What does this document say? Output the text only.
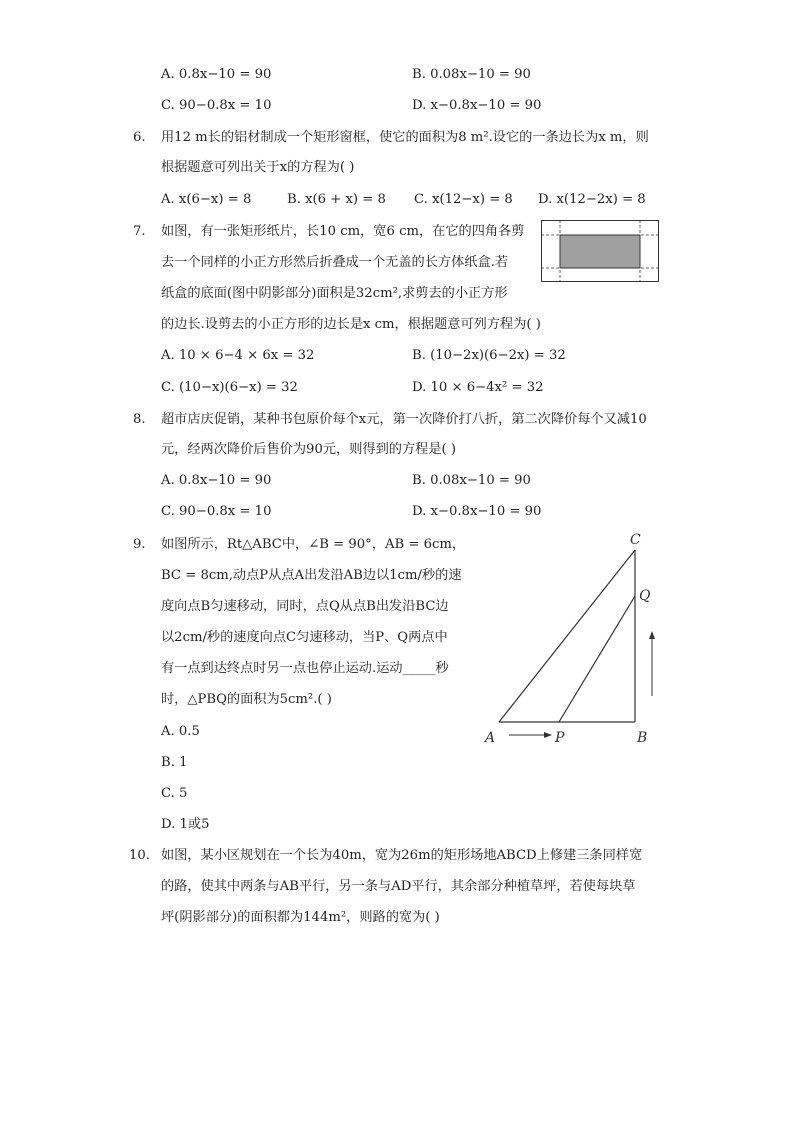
A. 0.8x−10 = 90	B. 0.08x−10 = 90
C. 90−0.8x = 10	D. x−0.8x−10 = 90
6. 用12 m长的铝材制成一个矩形窗框，使它的面积为8 m².设它的一条边长为x m，则
根据题意可列出关于x的方程为( )
A. x(6−x) = 8	B. x(6 + x) = 8 C. x(12−x) = 8 D. x(12−2x) = 8
7. 如图，有一张矩形纸片，长10 cm，宽6 cm，在它的四角各剪
去一个同样的小正方形然后折叠成一个无盖的长方体纸盒.若
纸盒的底面(图中阴影部分)面积是32cm²,求剪去的小正方形
的边长.设剪去的小正方形的边长是x cm，根据题意可列方程为( )
A. 10 × 6−4 × 6x = 32	B. (10−2x)(6−2x) = 32
C. (10−x)(6−x) = 32	D. 10 × 6−4x² = 32
8. 超市店庆促销，某种书包原价每个x元，第一次降价打八折，第二次降价每个又减10
元，经两次降价后售价为90元，则得到的方程是( )
A. 0.8x−10 = 90	B. 0.08x−10 = 90
C. 90−0.8x = 10	D. x−0.8x−10 = 90
9. 如图所示，Rt△ABC中，∠B = 90°，AB = 6cm，
BC = 8cm,动点P从点A出发沿AB边以1cm/秒的速
度向点B匀速移动，同时，点Q从点B出发沿BC边
以2cm/秒的速度向点C匀速移动，当P、Q两点中
有一点到达终点时另一点也停止运动.运动_____秒
时，△PBQ的面积为5cm².( )
A. 0.5
B. 1
C. 5
D. 1或5
A	P	B
C
Q
10. 如图，某小区规划在一个长为40m，宽为26m的矩形场地ABCD上修建三条同样宽
的路，使其中两条与AB平行，另一条与AD平行，其余部分种植草坪，若使每块草
坪(阴影部分)的面积都为144m²，则路的宽为( )
